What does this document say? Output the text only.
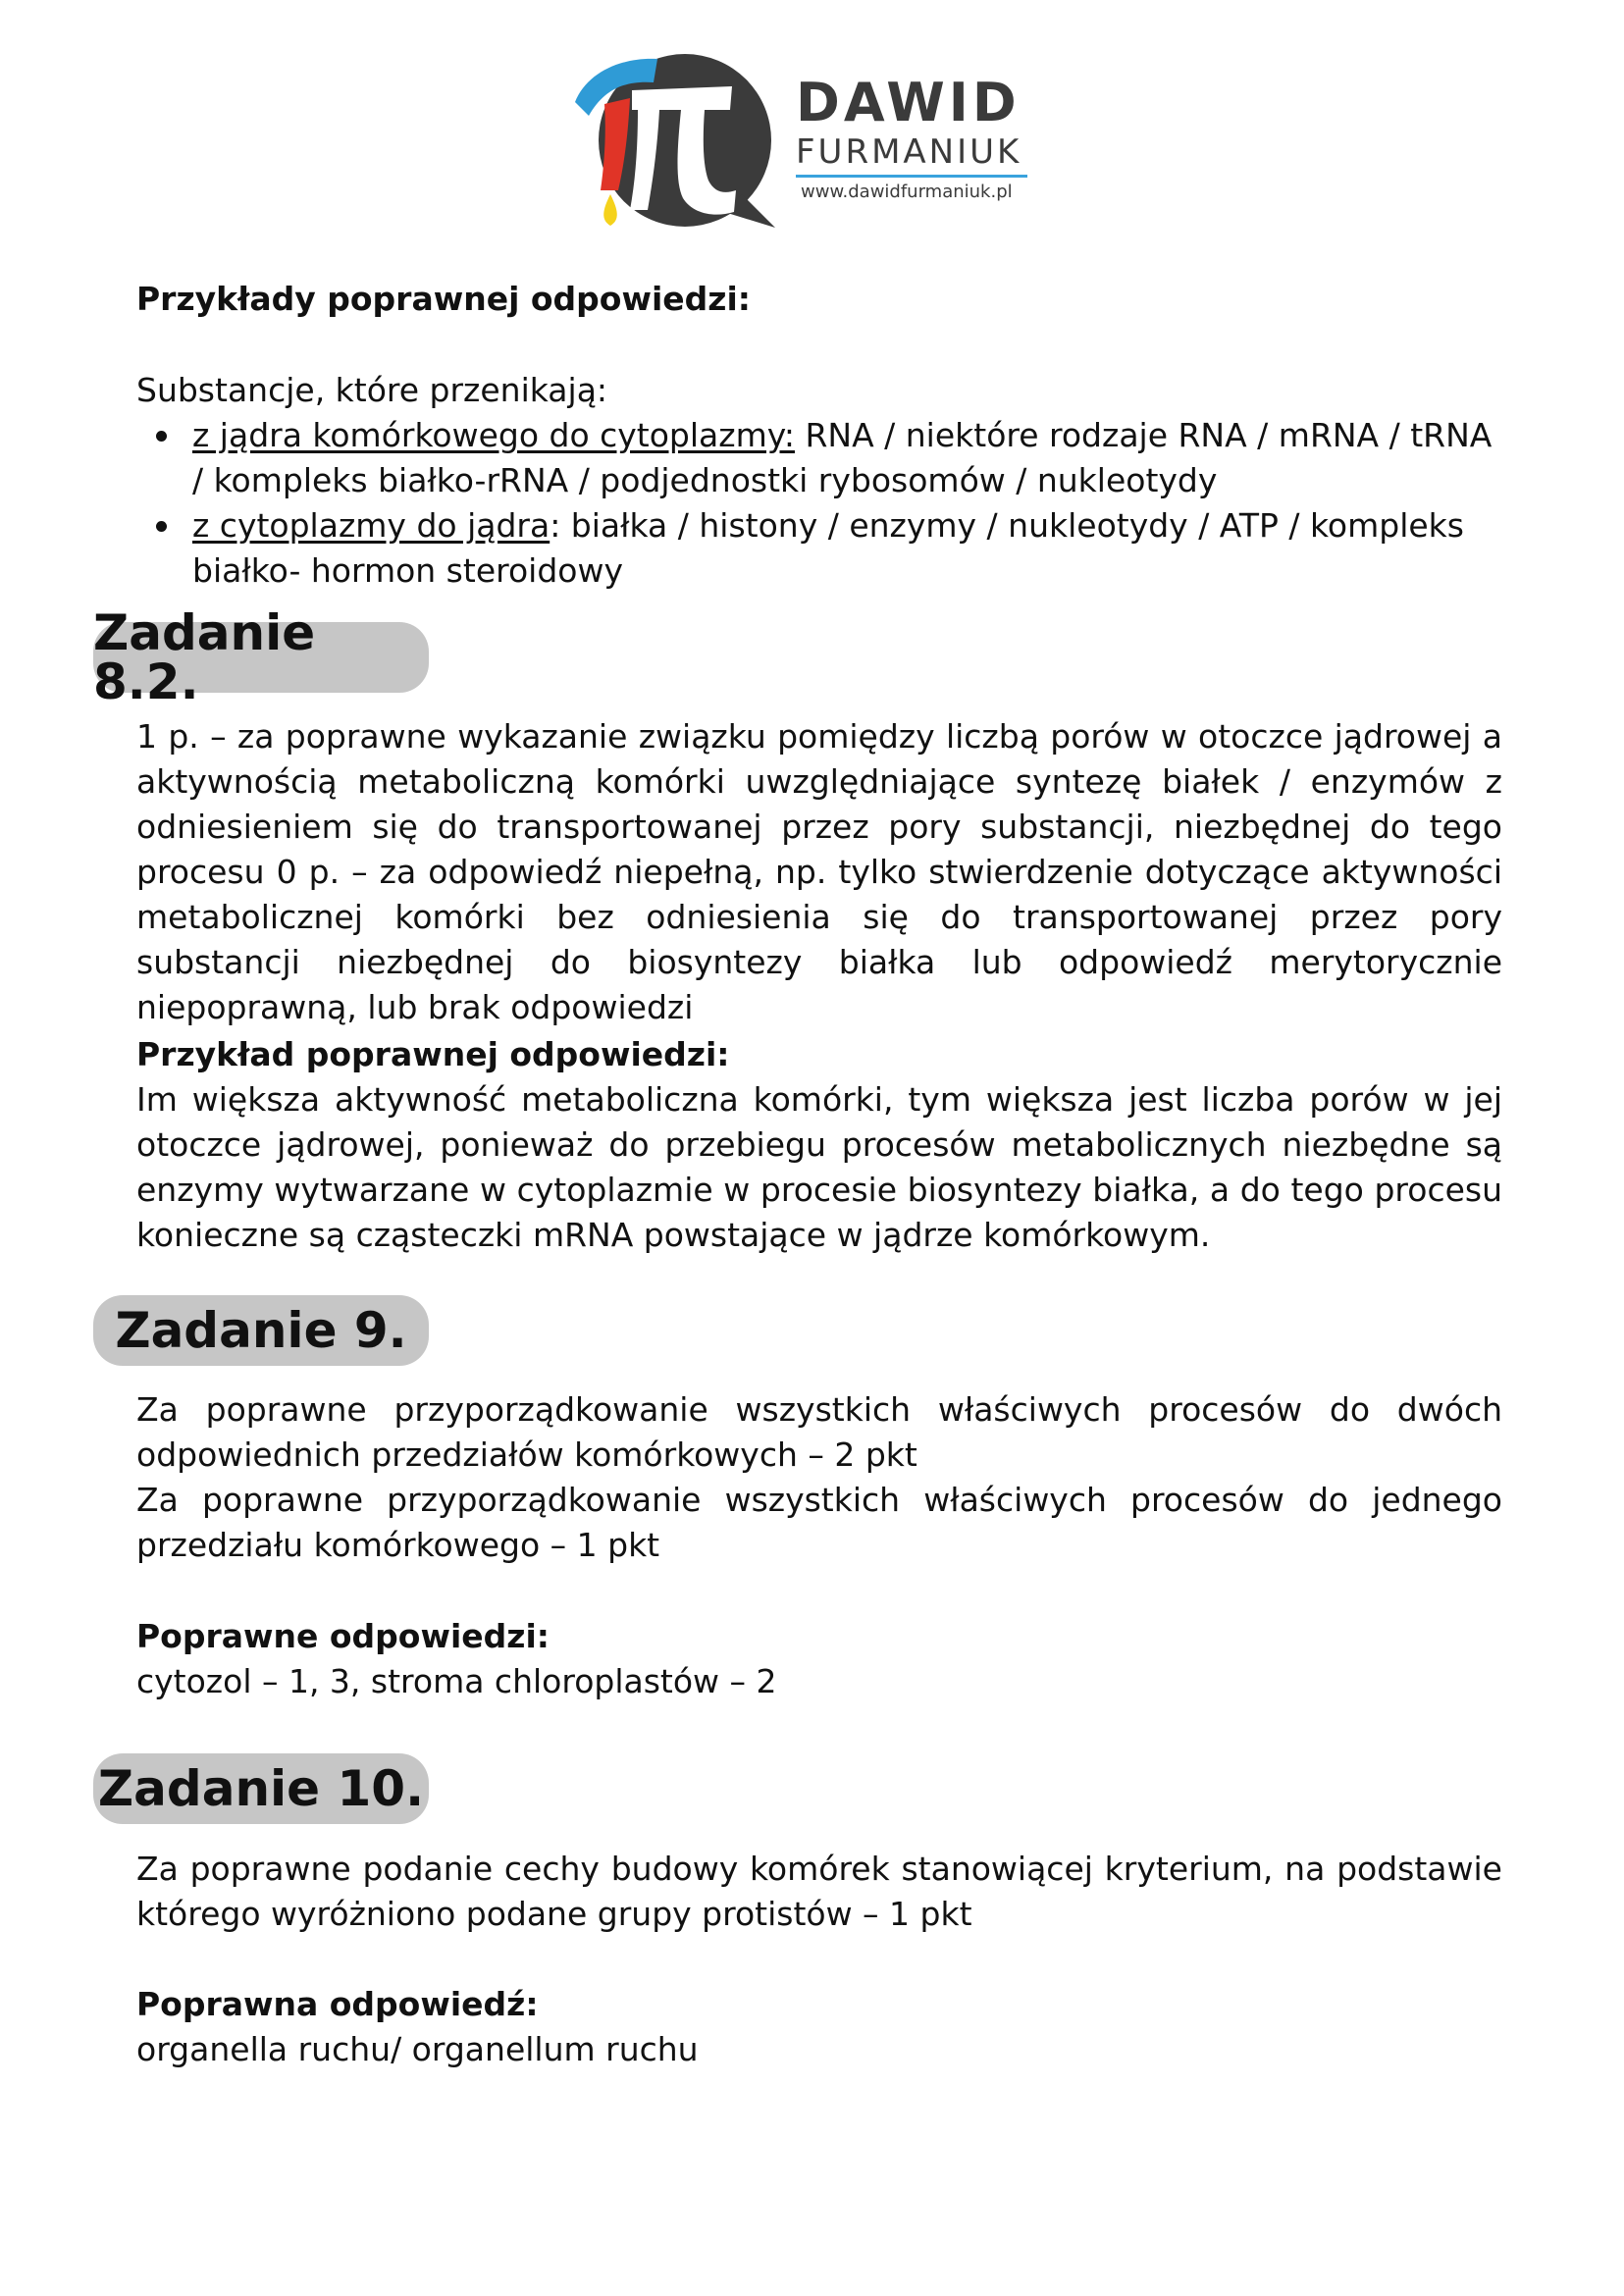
DAWID
FURMANIUK
www.dawidfurmaniuk.pl

Przykłady poprawnej odpowiedzi:

Substancje, które przenikają:

z jądra komórkowego do cytoplazmy: RNA / niektóre rodzaje RNA / mRNA / tRNA / kompleks białko-rRNA / podjednostki rybosomów / nukleotydy
z cytoplazmy do jądra: białka / histony / enzymy / nukleotydy / ATP / kompleks białko- hormon steroidowy
Zadanie 8.2.

1 p. – za poprawne wykazanie związku pomiędzy liczbą porów w otoczce jądrowej a aktywnością metaboliczną komórki uwzględniające syntezę białek / enzymów z odniesieniem się do transportowanej przez pory substancji, niezbędnej do tego procesu 0 p. – za odpowiedź niepełną, np. tylko stwierdzenie dotyczące aktywności metabolicznej komórki bez odniesienia się do transportowanej przez pory substancji niezbędnej do biosyntezy białka lub odpowiedź merytorycznie niepoprawną, lub brak odpowiedzi

Przykład poprawnej odpowiedzi:

Im większa aktywność metaboliczna komórki, tym większa jest liczba porów w jej otoczce jądrowej, ponieważ do przebiegu procesów metabolicznych niezbędne są enzymy wytwarzane w cytoplazmie w procesie biosyntezy białka, a do tego procesu konieczne są cząsteczki mRNA powstające w jądrze komórkowym.

Zadanie 9.

Za poprawne przyporządkowanie wszystkich właściwych procesów do dwóch odpowiednich przedziałów komórkowych – 2 pkt

Za poprawne przyporządkowanie wszystkich właściwych procesów do jednego przedziału komórkowego – 1 pkt

Poprawne odpowiedzi:

cytozol – 1, 3, stroma chloroplastów – 2

Zadanie 10.

Za poprawne podanie cechy budowy komórek stanowiącej kryterium, na podstawie którego wyróżniono podane grupy protistów – 1 pkt

Poprawna odpowiedź:

organella ruchu/ organellum ruchu
